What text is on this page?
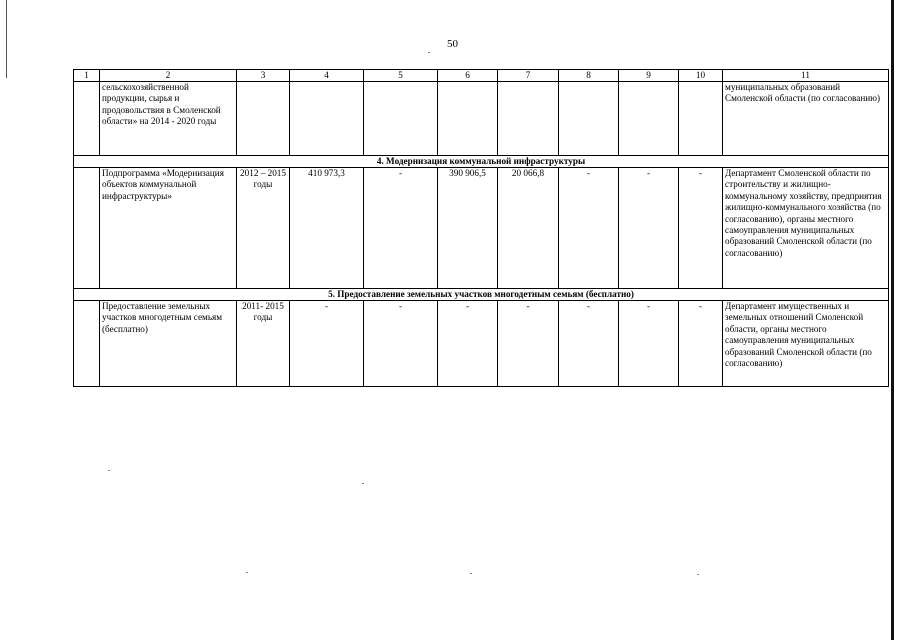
50
1	2	3	4	5	6	7	8	9	10	11
	сельскохозяйственной продукции, сырья и продовольствия в Смоленской области» на 2014 - 2020 годы									муниципальных образований Смоленской области (по согласованию)
4. Модернизация коммунальной инфраструктуры										
	Подпрограмма «Модернизация объектов коммунальной инфраструктуры»	2012 – 2015 годы	410 973,3	-	390 906,5	20 066,8	-	-	-	Департамент Смоленской области по строительству и жилищно-коммунальному хозяйству, предприятия жилищно-коммунального хозяйства (по согласованию), органы местного самоуправления муниципальных образований Смоленской области (по согласованию)
5. Предоставление земельных участков многодетным семьям (бесплатно)										
	Предоставление земельных участков многодетным семьям (бесплатно)	2011- 2015 годы	-	-	-	-	-	-	-	Департамент имущественных и земельных отношений Смоленской области, органы местного самоуправления муниципальных образований Смоленской области (по согласованию)
